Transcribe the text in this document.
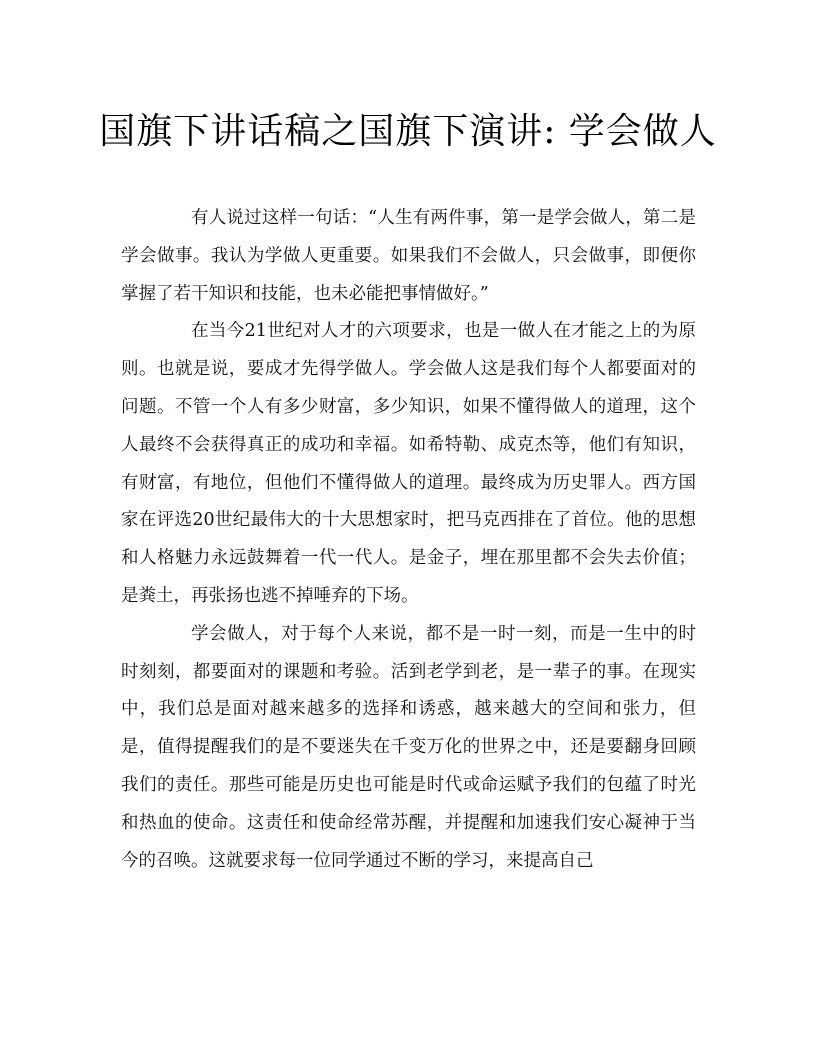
国旗下讲话稿之国旗下演讲: 学会做人

有人说过这样一句话：“人生有两件事，第一是学会做人，第二是学会做事。我认为学做人更重要。如果我们不会做人，只会做事，即便你掌握了若干知识和技能，也未必能把事情做好。”

在当今21世纪对人才的六项要求，也是一做人在才能之上的为原则。也就是说，要成才先得学做人。学会做人这是我们每个人都要面对的问题。不管一个人有多少财富，多少知识，如果不懂得做人的道理，这个人最终不会获得真正的成功和幸福。如希特勒、成克杰等，他们有知识，有财富，有地位，但他们不懂得做人的道理。最终成为历史罪人。西方国家在评选20世纪最伟大的十大思想家时，把马克西排在了首位。他的思想和人格魅力永远鼓舞着一代一代人。是金子，埋在那里都不会失去价值；是粪土，再张扬也逃不掉唾弃的下场。

学会做人，对于每个人来说，都不是一时一刻，而是一生中的时时刻刻，都要面对的课题和考验。活到老学到老，是一辈子的事。在现实中，我们总是面对越来越多的选择和诱惑，越来越大的空间和张力，但是，值得提醒我们的是不要迷失在千变万化的世界之中，还是要翻身回顾我们的责任。那些可能是历史也可能是时代或命运赋予我们的包蕴了时光和热血的使命。这责任和使命经常苏醒，并提醒和加速我们安心凝神于当今的召唤。这就要求每一位同学通过不断的学习，来提高自己
